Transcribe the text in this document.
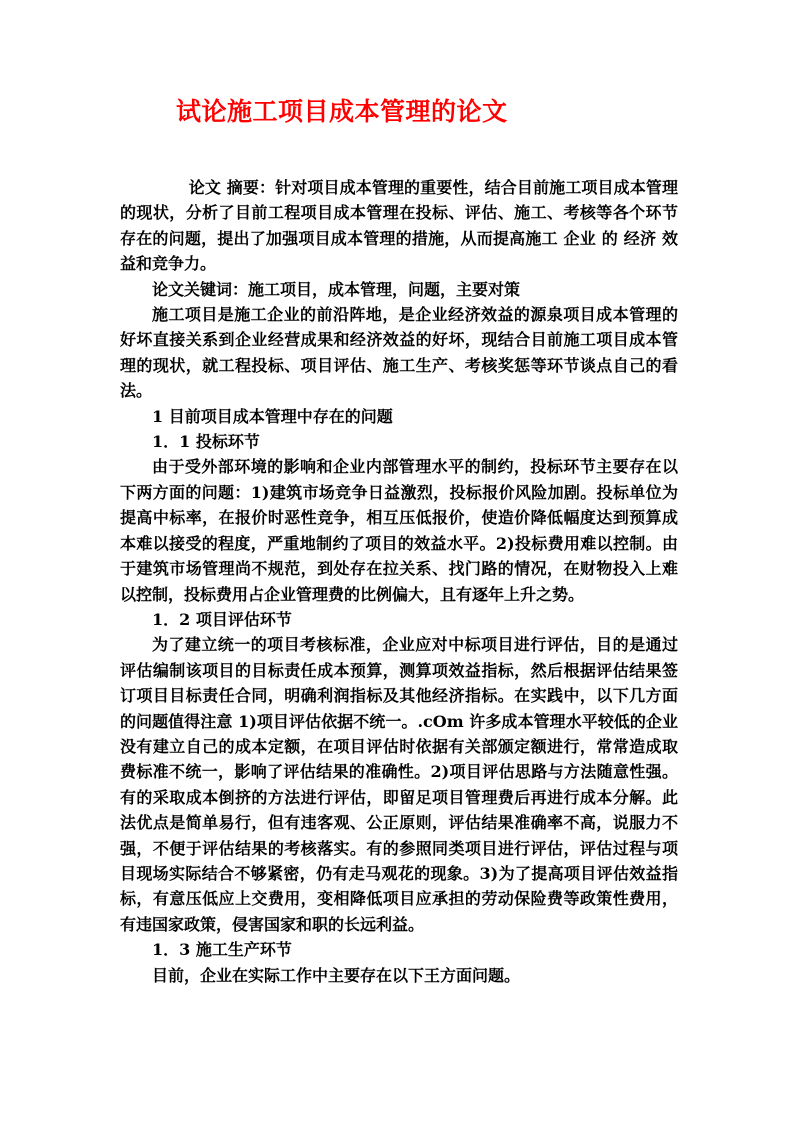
试论施工项目成本管理的论文

论文 摘要：针对项目成本管理的重要性，结合目前施工项目成本管理的现状，分析了目前工程项目成本管理在投标、评估、施工、考核等各个环节存在的问题，提出了加强项目成本管理的措施，从而提高施工 企业 的 经济 效益和竞争力。

论文关键词：施工项目，成本管理，问题，主要对策

施工项目是施工企业的前沿阵地，是企业经济效益的源泉项目成本管理的好坏直接关系到企业经营成果和经济效益的好坏，现结合目前施工项目成本管理的现状，就工程投标、项目评估、施工生产、考核奖惩等环节谈点自己的看法。

1 目前项目成本管理中存在的问题

1．1 投标环节

由于受外部环境的影响和企业内部管理水平的制约，投标环节主要存在以下两方面的问题：1)建筑市场竞争日益激烈，投标报价风险加剧。投标单位为提高中标率，在报价时恶性竞争，相互压低报价，使造价降低幅度达到预算成本难以接受的程度，严重地制约了项目的效益水平。2)投标费用难以控制。由于建筑市场管理尚不规范，到处存在拉关系、找门路的情况，在财物投入上难以控制，投标费用占企业管理费的比例偏大，且有逐年上升之势。

1．2 项目评估环节

为了建立统一的项目考核标准，企业应对中标项目进行评估，目的是通过评估编制该项目的目标责任成本预算，测算项效益指标，然后根据评估结果签订项目目标责任合同，明确利润指标及其他经济指标。在实践中，以下几方面的问题值得注意 1)项目评估依据不统一。.cOm 许多成本管理水平较低的企业没有建立自己的成本定额，在项目评估时依据有关部颁定额进行，常常造成取费标准不统一，影响了评估结果的准确性。2)项目评估思路与方法随意性强。有的采取成本倒挤的方法进行评估，即留足项目管理费后再进行成本分解。此法优点是简单易行，但有违客观、公正原则，评估结果准确率不高，说服力不强，不便于评估结果的考核落实。有的参照同类项目进行评估，评估过程与项目现场实际结合不够紧密，仍有走马观花的现象。3)为了提高项目评估效益指标，有意压低应上交费用，变相降低项目应承担的劳动保险费等政策性费用，有违国家政策，侵害国家和职的长远利益。

1．3 施工生产环节

目前，企业在实际工作中主要存在以下王方面问题。
